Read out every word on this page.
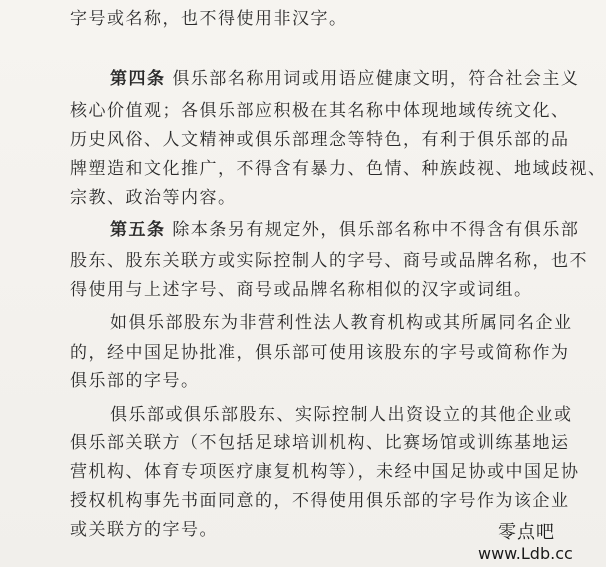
字号或名称，也不得使用非汉字。
第四条 俱乐部名称用词或用语应健康文明，符合社会主义
核心价值观；各俱乐部应积极在其名称中体现地域传统文化、
历史风俗、人文精神或俱乐部理念等特色，有利于俱乐部的品
牌塑造和文化推广，不得含有暴力、色情、种族歧视、地域歧视、
宗教、政治等内容。
第五条 除本条另有规定外，俱乐部名称中不得含有俱乐部
股东、股东关联方或实际控制人的字号、商号或品牌名称，也不
得使用与上述字号、商号或品牌名称相似的汉字或词组。
如俱乐部股东为非营利性法人教育机构或其所属同名企业
的，经中国足协批准，俱乐部可使用该股东的字号或简称作为
俱乐部的字号。
俱乐部或俱乐部股东、实际控制人出资设立的其他企业或
俱乐部关联方（不包括足球培训机构、比赛场馆或训练基地运
营机构、体育专项医疗康复机构等），未经中国足协或中国足协
授权机构事先书面同意的，不得使用俱乐部的字号作为该企业
或关联方的字号。	零点吧
www.Ldb.cc
